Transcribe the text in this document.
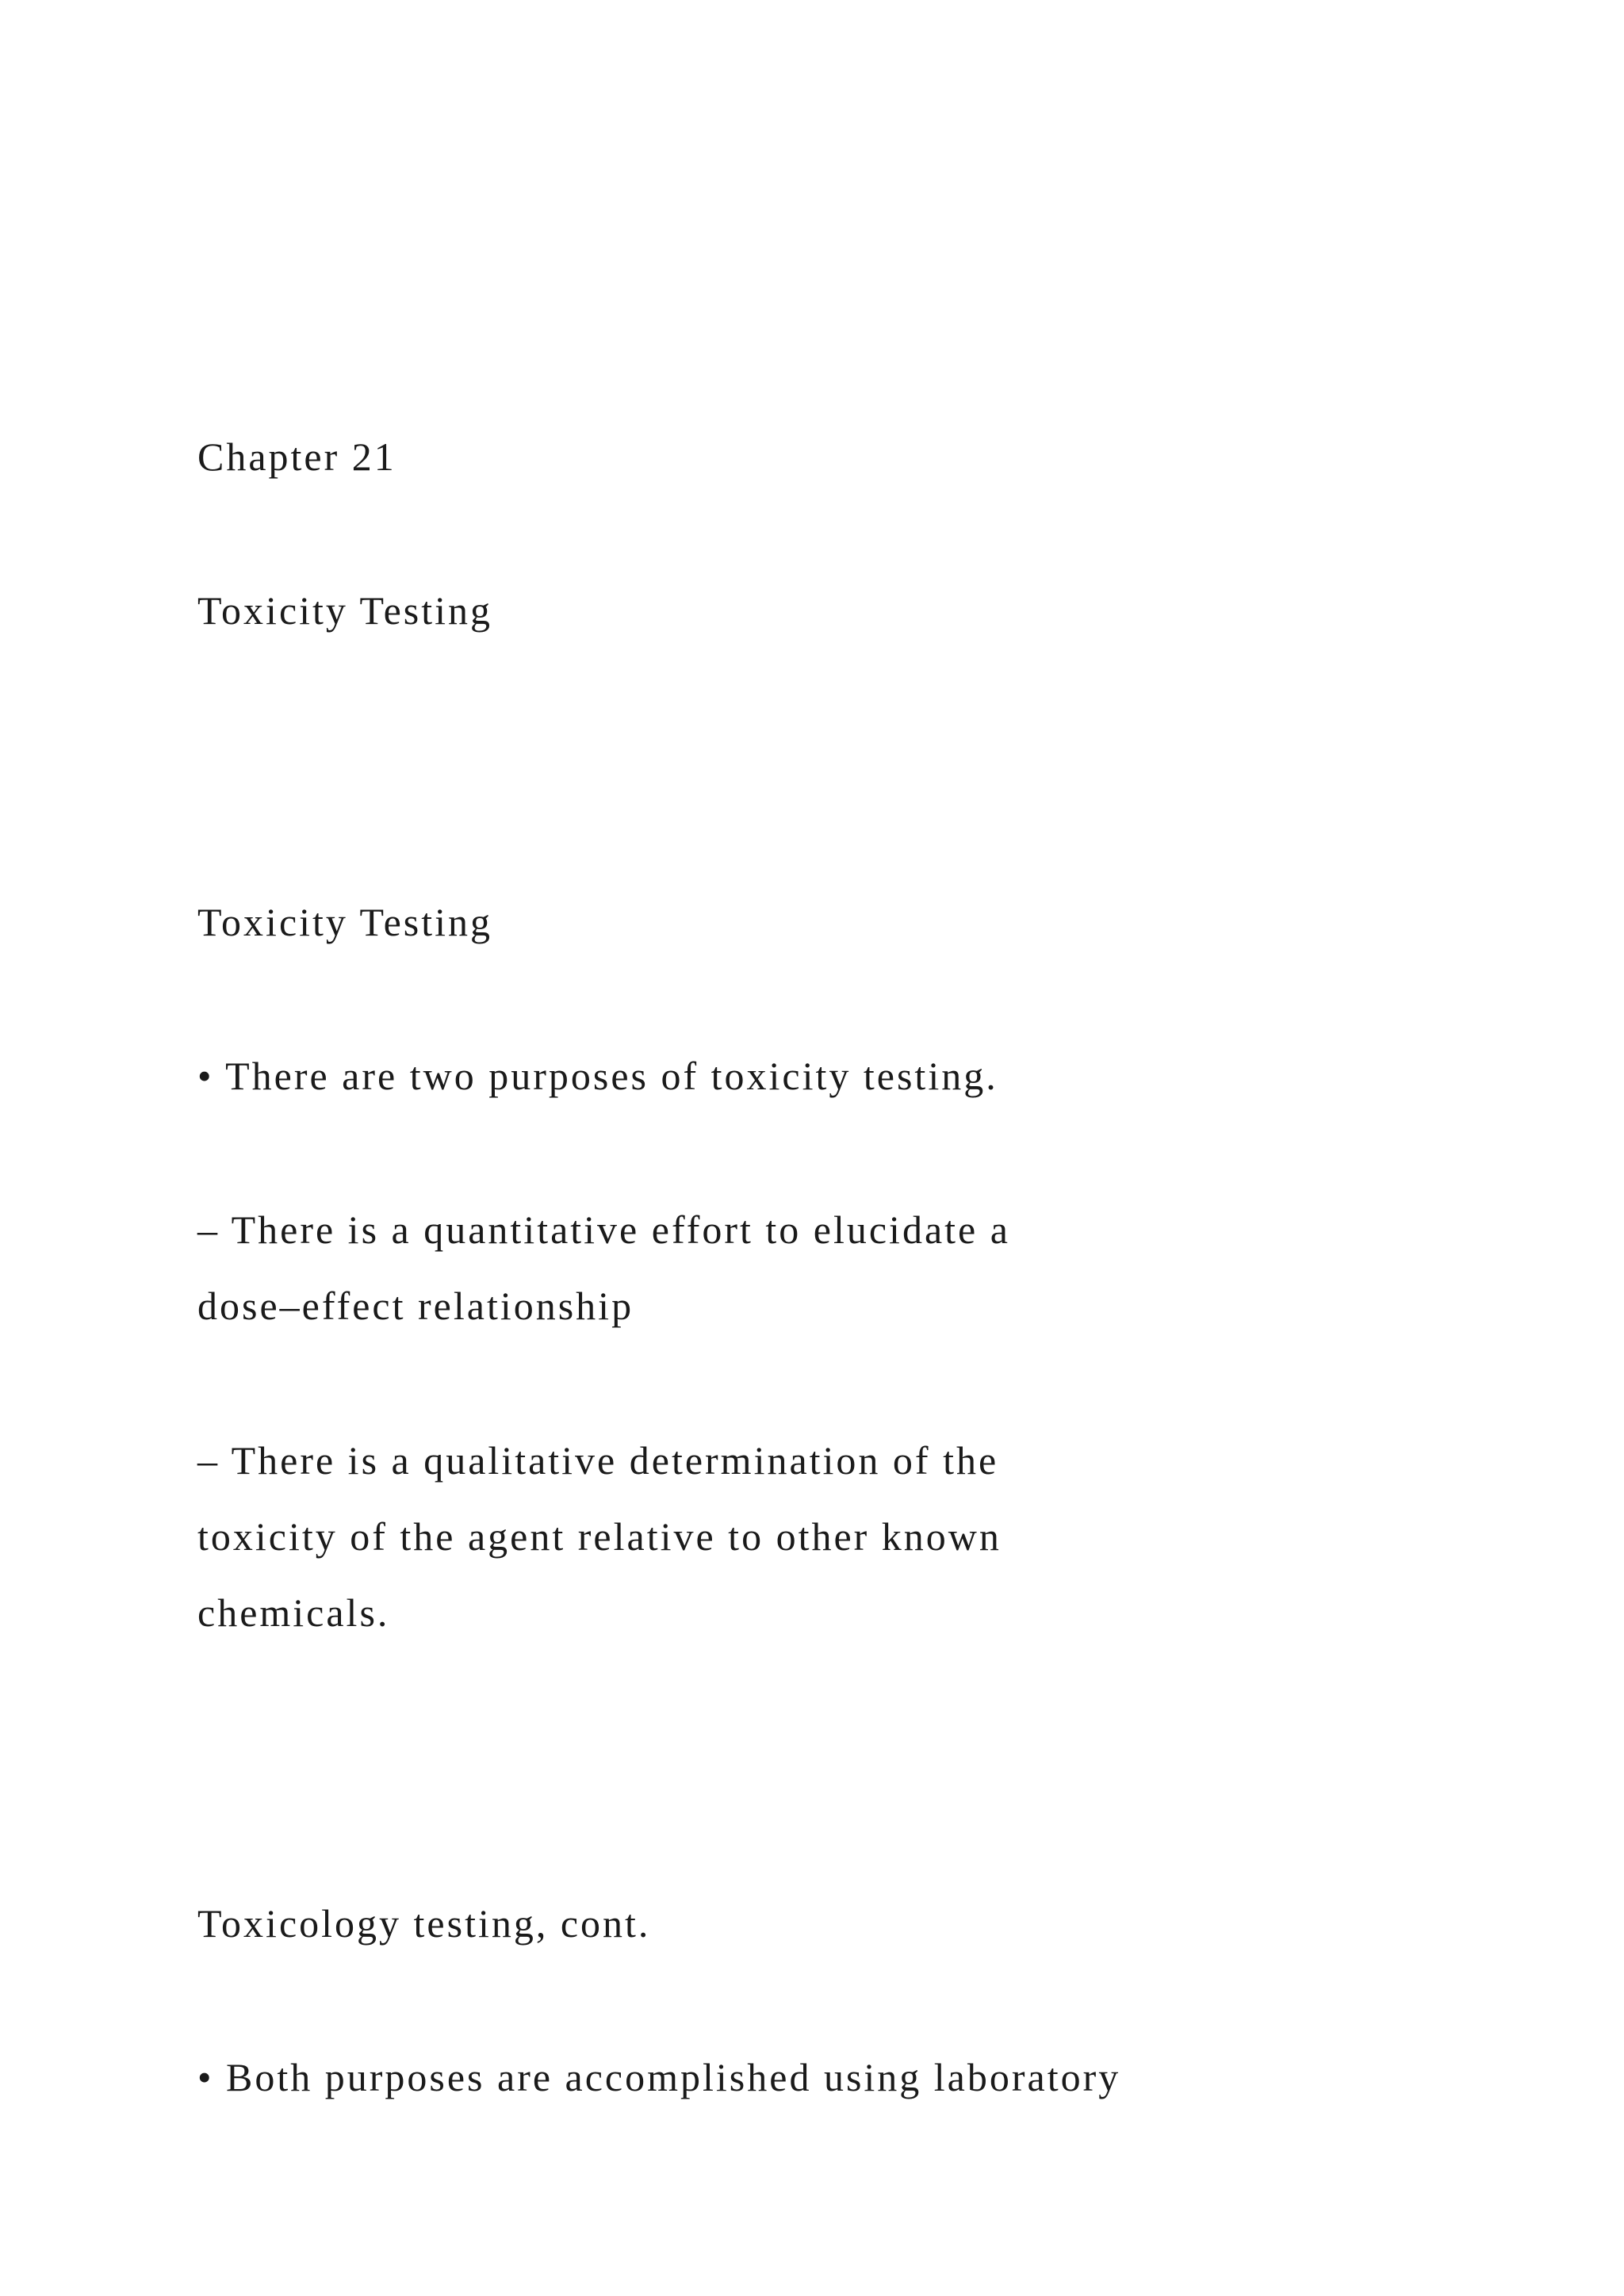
Chapter 21
Toxicity Testing
Toxicity Testing
• There are two purposes of toxicity testing.
– There is a quantitative effort to elucidate a
dose–effect relationship
– There is a qualitative determination of the
toxicity of the agent relative to other known
chemicals.
Toxicology testing, cont.
• Both purposes are accomplished using laboratory
